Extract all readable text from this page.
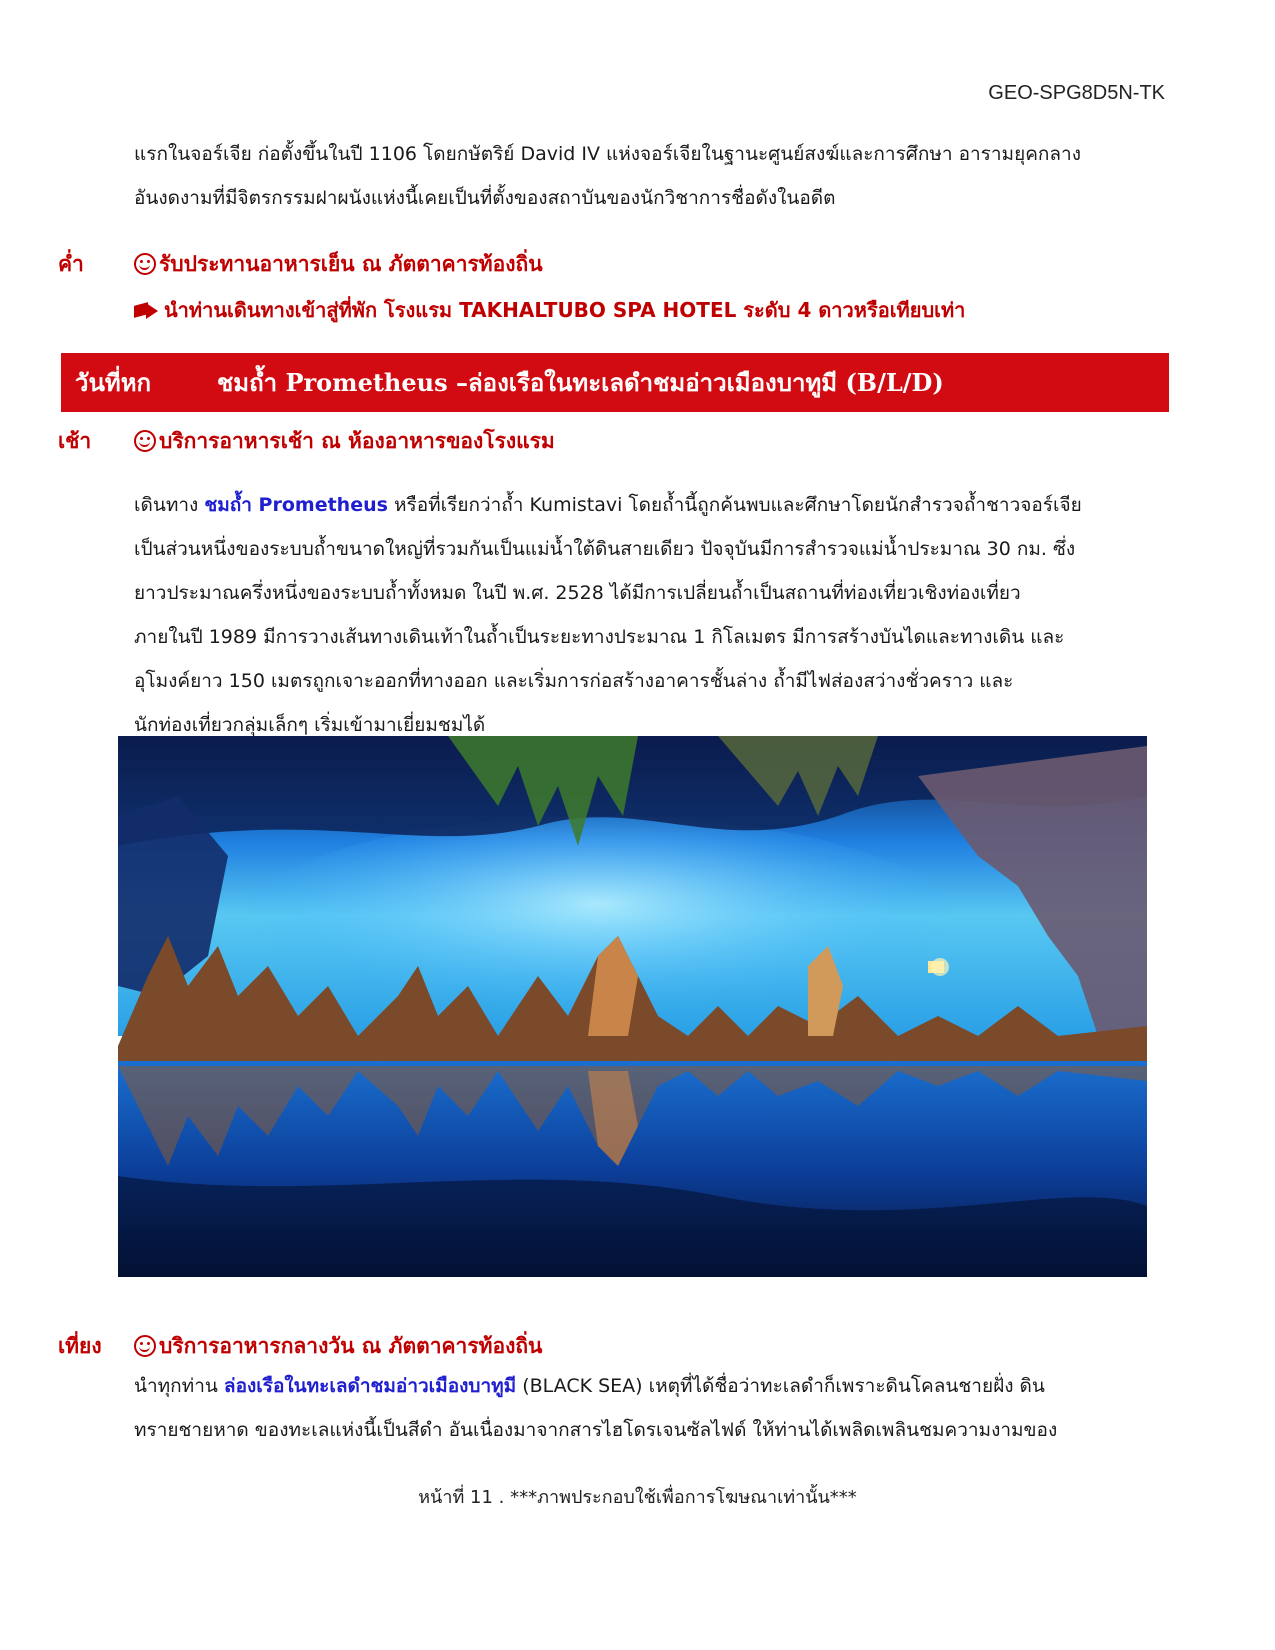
GEO-SPG8D5N-TK

แรกในจอร์เจีย ก่อตั้งขึ้นในปี 1106 โดยกษัตริย์ David IV แห่งจอร์เจียในฐานะศูนย์สงฆ์และการศึกษา อารามยุคกลาง

อันงดงามที่มีจิตรกรรมฝาผนังแห่งนี้เคยเป็นที่ตั้งของสถาบันของนักวิชาการชื่อดังในอดีต

ค่ำ	รับประทานอาหารเย็น ณ ภัตตาคารท้องถิ่น
นำท่านเดินทางเข้าสู่ที่พัก โรงแรม TAKHALTUBO SPA HOTEL ระดับ 4 ดาวหรือเทียบเท่า
วันที่หก	ชมถ้ำ Prometheus –ล่องเรือในทะเลดำชมอ่าวเมืองบาทูมี (B/L/D)
เช้า	บริการอาหารเช้า ณ ห้องอาหารของโรงแรม

เดินทาง ชมถ้ำ Prometheus หรือที่เรียกว่าถ้ำ Kumistavi โดยถ้ำนี้ถูกค้นพบและศึกษาโดยนักสำรวจถ้ำชาวจอร์เจีย

เป็นส่วนหนึ่งของระบบถ้ำขนาดใหญ่ที่รวมกันเป็นแม่น้ำใต้ดินสายเดียว ปัจจุบันมีการสำรวจแม่น้ำประมาณ 30 กม. ซึ่ง

ยาวประมาณครึ่งหนึ่งของระบบถ้ำทั้งหมด ในปี พ.ศ. 2528 ได้มีการเปลี่ยนถ้ำเป็นสถานที่ท่องเที่ยวเชิงท่องเที่ยว

ภายในปี 1989 มีการวางเส้นทางเดินเท้าในถ้ำเป็นระยะทางประมาณ 1 กิโลเมตร มีการสร้างบันไดและทางเดิน และ

อุโมงค์ยาว 150 เมตรถูกเจาะออกที่ทางออก และเริ่มการก่อสร้างอาคารชั้นล่าง ถ้ำมีไฟส่องสว่างชั่วคราว และ

นักท่องเที่ยวกลุ่มเล็กๆ เริ่มเข้ามาเยี่ยมชมได้

เที่ยง	บริการอาหารกลางวัน ณ ภัตตาคารท้องถิ่น

นำทุกท่าน ล่องเรือในทะเลดำชมอ่าวเมืองบาทูมี (BLACK SEA) เหตุที่ได้ชื่อว่าทะเลดำก็เพราะดินโคลนชายฝั่ง ดิน

ทรายชายหาด ของทะเลแห่งนี้เป็นสีดำ อันเนื่องมาจากสารไฮโดรเจนซัลไฟด์ ให้ท่านได้เพลิดเพลินชมความงามของ

หน้าที่ 11 . ***ภาพประกอบใช้เพื่อการโฆษณาเท่านั้น***
